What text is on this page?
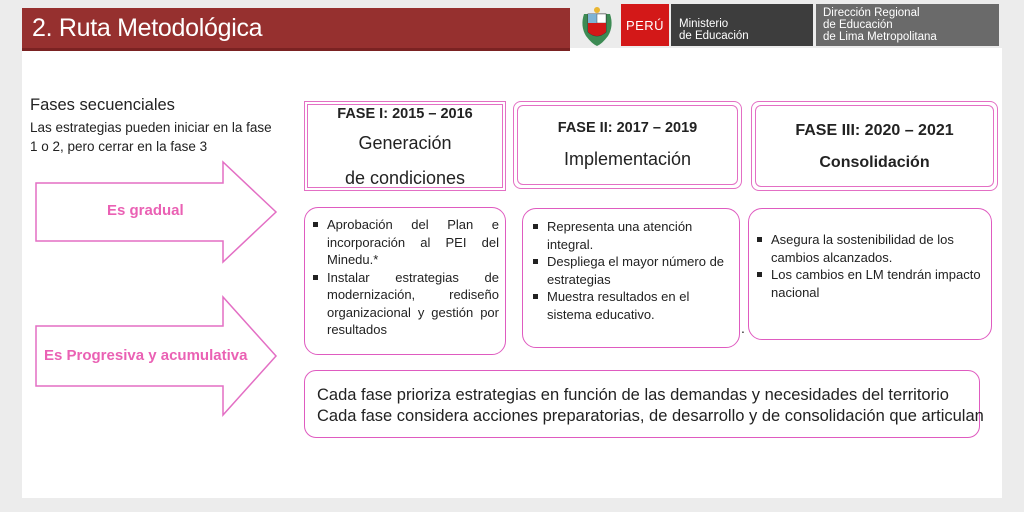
2. Ruta Metodológica	PERÚ Ministerio
de Educación
Dirección Regional
de Educación
de Lima Metropolitana
Fases secuenciales
Las estrategias pueden iniciar en la fase 1 o 2, pero cerrar en la fase 3
Es gradual
Es Progresiva y acumulativa
FASE I: 2015 – 2016
Generación
de condiciones
FASE II: 2017 – 2019
Implementación
FASE III: 2020 – 2021
Consolidación
Aprobación del Plan e incorporación al PEI del Minedu.*
Instalar estrategias de modernización, rediseño organizacional y gestión por resultados
Representa una atención integral.
Despliega el mayor número de estrategias
Muestra resultados en el sistema educativo.
.
Asegura la sostenibilidad de los cambios alcanzados.
Los cambios en LM tendrán impacto nacional
Cada fase prioriza estrategias en función de las demandas y necesidades del territorio
Cada fase considera acciones preparatorias, de desarrollo y de consolidación que articulan
